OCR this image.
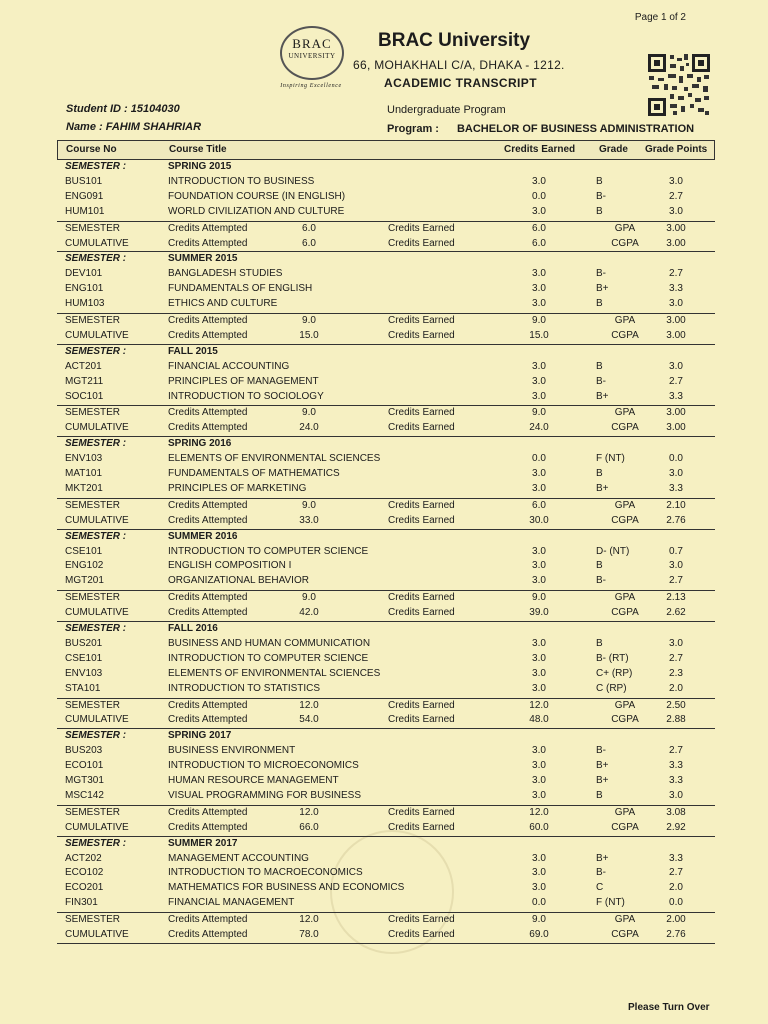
Page 1 of 2
BRAC
UNIVERSITY
Inspiring Excellence
BRAC University
66, MOHAKHALI C/A, DHAKA - 1212.
ACADEMIC TRANSCRIPT
Student ID : 15104030
Name : FAHIM SHAHRIAR
Undergraduate Program
Program : BACHELOR OF BUSINESS ADMINISTRATION
Course No	Course Title	Credits Earned Grade Grade Points
SEMESTER :	SPRING 2015
BUS101	INTRODUCTION TO BUSINESS	3.0	B	3.0
ENG091	FOUNDATION COURSE (IN ENGLISH)	0.0	B-	2.7
HUM101	WORLD CIVILIZATION AND CULTURE	3.0	B	3.0
SEMESTER	Credits Attempted	6.0	Credits Earned	6.0	GPA	3.00
CUMULATIVE	Credits Attempted	6.0	Credits Earned	6.0	CGPA	3.00
SEMESTER :	SUMMER 2015
DEV101	BANGLADESH STUDIES	3.0	B-	2.7
ENG101	FUNDAMENTALS OF ENGLISH	3.0	B+	3.3
HUM103	ETHICS AND CULTURE	3.0	B	3.0
SEMESTER	Credits Attempted	9.0	Credits Earned	9.0	GPA	3.00
CUMULATIVE	Credits Attempted	15.0	Credits Earned	15.0	CGPA	3.00
SEMESTER :	FALL 2015
ACT201	FINANCIAL ACCOUNTING	3.0	B	3.0
MGT211	PRINCIPLES OF MANAGEMENT	3.0	B-	2.7
SOC101	INTRODUCTION TO SOCIOLOGY	3.0	B+	3.3
SEMESTER	Credits Attempted	9.0	Credits Earned	9.0	GPA	3.00
CUMULATIVE	Credits Attempted	24.0	Credits Earned	24.0	CGPA	3.00
SEMESTER :	SPRING 2016
ENV103	ELEMENTS OF ENVIRONMENTAL SCIENCES	0.0	F (NT)	0.0
MAT101	FUNDAMENTALS OF MATHEMATICS	3.0	B	3.0
MKT201	PRINCIPLES OF MARKETING	3.0	B+	3.3
SEMESTER	Credits Attempted	9.0	Credits Earned	6.0	GPA	2.10
CUMULATIVE	Credits Attempted	33.0	Credits Earned	30.0	CGPA	2.76
SEMESTER :	SUMMER 2016
CSE101	INTRODUCTION TO COMPUTER SCIENCE	3.0	D- (NT)	0.7
ENG102	ENGLISH COMPOSITION I	3.0	B	3.0
MGT201	ORGANIZATIONAL BEHAVIOR	3.0	B-	2.7
SEMESTER	Credits Attempted	9.0	Credits Earned	9.0	GPA	2.13
CUMULATIVE	Credits Attempted	42.0	Credits Earned	39.0	CGPA	2.62
SEMESTER :	FALL 2016
BUS201	BUSINESS AND HUMAN COMMUNICATION	3.0	B	3.0
CSE101	INTRODUCTION TO COMPUTER SCIENCE	3.0	B- (RT)	2.7
ENV103	ELEMENTS OF ENVIRONMENTAL SCIENCES	3.0	C+ (RP)	2.3
STA101	INTRODUCTION TO STATISTICS	3.0	C (RP)	2.0
SEMESTER	Credits Attempted	12.0	Credits Earned	12.0	GPA	2.50
CUMULATIVE	Credits Attempted	54.0	Credits Earned	48.0	CGPA	2.88
SEMESTER :	SPRING 2017
BUS203	BUSINESS ENVIRONMENT	3.0	B-	2.7
ECO101	INTRODUCTION TO MICROECONOMICS	3.0	B+	3.3
MGT301	HUMAN RESOURCE MANAGEMENT	3.0	B+	3.3
MSC142	VISUAL PROGRAMMING FOR BUSINESS	3.0	B	3.0
SEMESTER	Credits Attempted	12.0	Credits Earned	12.0	GPA	3.08
CUMULATIVE	Credits Attempted	66.0	Credits Earned	60.0	CGPA	2.92
SEMESTER :	SUMMER 2017
ACT202	MANAGEMENT ACCOUNTING	3.0	B+	3.3
ECO102	INTRODUCTION TO MACROECONOMICS	3.0	B-	2.7
ECO201	MATHEMATICS FOR BUSINESS AND ECONOMICS	3.0	C	2.0
FIN301	FINANCIAL MANAGEMENT	0.0	F (NT)	0.0
SEMESTER	Credits Attempted	12.0	Credits Earned	9.0	GPA	2.00
CUMULATIVE	Credits Attempted	78.0	Credits Earned	69.0	CGPA	2.76
Please Turn Over
